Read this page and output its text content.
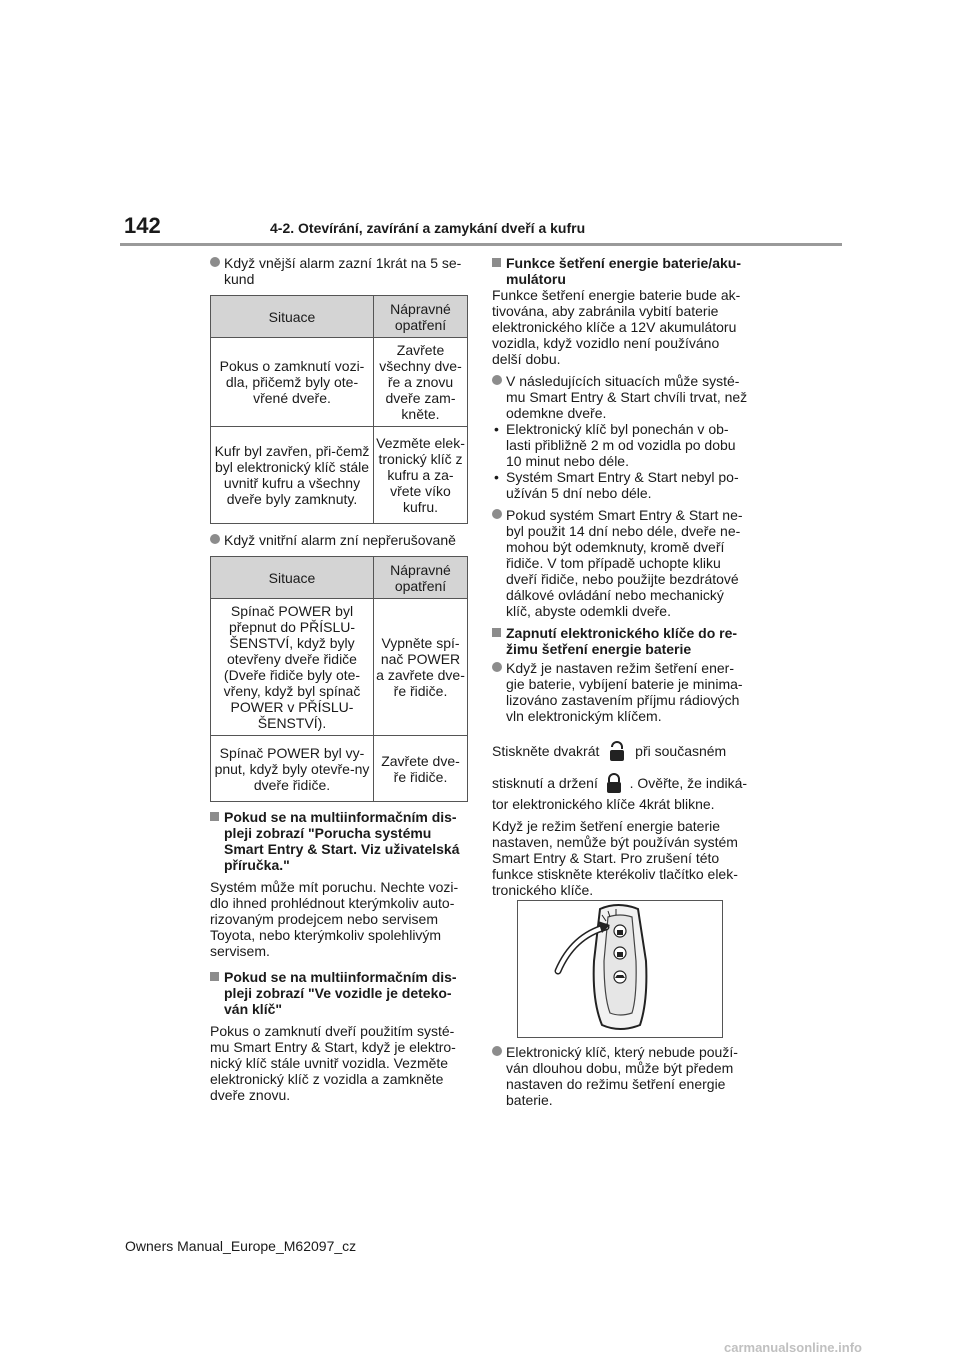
142	4-2. Otevírání, zavírání a zamykání dveří a kufru

Když vnější alarm zazní 1krát na 5 se-kund

Situace	Nápravné opatření
Pokus o zamknutí vozi-dla, přičemž byly ote-vřené dveře.	Zavřete všechny dve-ře a znovu dveře zam-kněte.
Kufr byl zavřen, při-čemž byl elektronický klíč stále uvnitř kufru a všechny dveře byly zamknuty.	Vezměte elek-tronický klíč z kufru a za-vřete víko kufru.

Když vnitřní alarm zní nepřerušovaně

Situace	Nápravné opatření
Spínač POWER byl přepnut do PŘÍSLU-ŠENSTVÍ, když byly otevřeny dveře řidiče (Dveře řidiče byly ote-vřeny, když byl spínač POWER v PŘÍSLU-ŠENSTVÍ).	Vypněte spí-nač POWER a zavřete dve-ře řidiče.
Spínač POWER byl vy-pnut, když byly otevře-ny dveře řidiče.	Zavřete dve-ře řidiče.

Pokud se na multiinformačním dis-pleji zobrazí "Porucha systému Smart Entry & Start. Viz uživatelská příručka."

Systém může mít poruchu. Nechte vozi-dlo ihned prohlédnout kterýmkoliv auto-rizovaným prodejcem nebo servisem Toyota, nebo kterýmkoliv spolehlivým servisem.

Pokud se na multiinformačním dis-pleji zobrazí "Ve vozidle je deteko-ván klíč"

Pokus o zamknutí dveří použitím systé-mu Smart Entry & Start, když je elektro-nický klíč stále uvnitř vozidla. Vezměte elektronický klíč z vozidla a zamkněte dveře znovu.

Funkce šetření energie baterie/aku-mulátoru

Funkce šetření energie baterie bude ak-tivována, aby zabránila vybití baterie elektronického klíče a 12V akumulátoru vozidla, když vozidlo není používáno delší dobu.

V následujících situacích může systé-mu Smart Entry & Start chvíli trvat, než odemkne dveře.

• Elektronický klíč byl ponechán v ob-lasti přibližně 2 m od vozidla po dobu 10 minut nebo déle.

• Systém Smart Entry & Start nebyl po-užíván 5 dní nebo déle.

Pokud systém Smart Entry & Start ne-byl použit 14 dní nebo déle, dveře ne-mohou být odemknuty, kromě dveří řidiče. V tom případě uchopte kliku dveří řidiče, nebo použijte bezdrátové dálkové ovládání nebo mechanický klíč, abyste odemkli dveře.

Zapnutí elektronického klíče do re-žimu šetření energie baterie

Když je nastaven režim šetření ener-gie baterie, vybíjení baterie je minima-lizováno zastavením příjmu rádiových vln elektronickým klíčem.

Stiskněte dvakrát	při současném
stisknutí a držení . Ověřte, že indiká-

tor elektronického klíče 4krát blikne.

Když je režim šetření energie baterie nastaven, nemůže být používán systém Smart Entry & Start. Pro zrušení této funkce stiskněte kterékoliv tlačítko elek-tronického klíče.

Elektronický klíč, který nebude použí-ván dlouhou dobu, může být předem nastaven do režimu šetření energie baterie.

Owners Manual_Europe_M62097_cz
carmanualsonline.info
